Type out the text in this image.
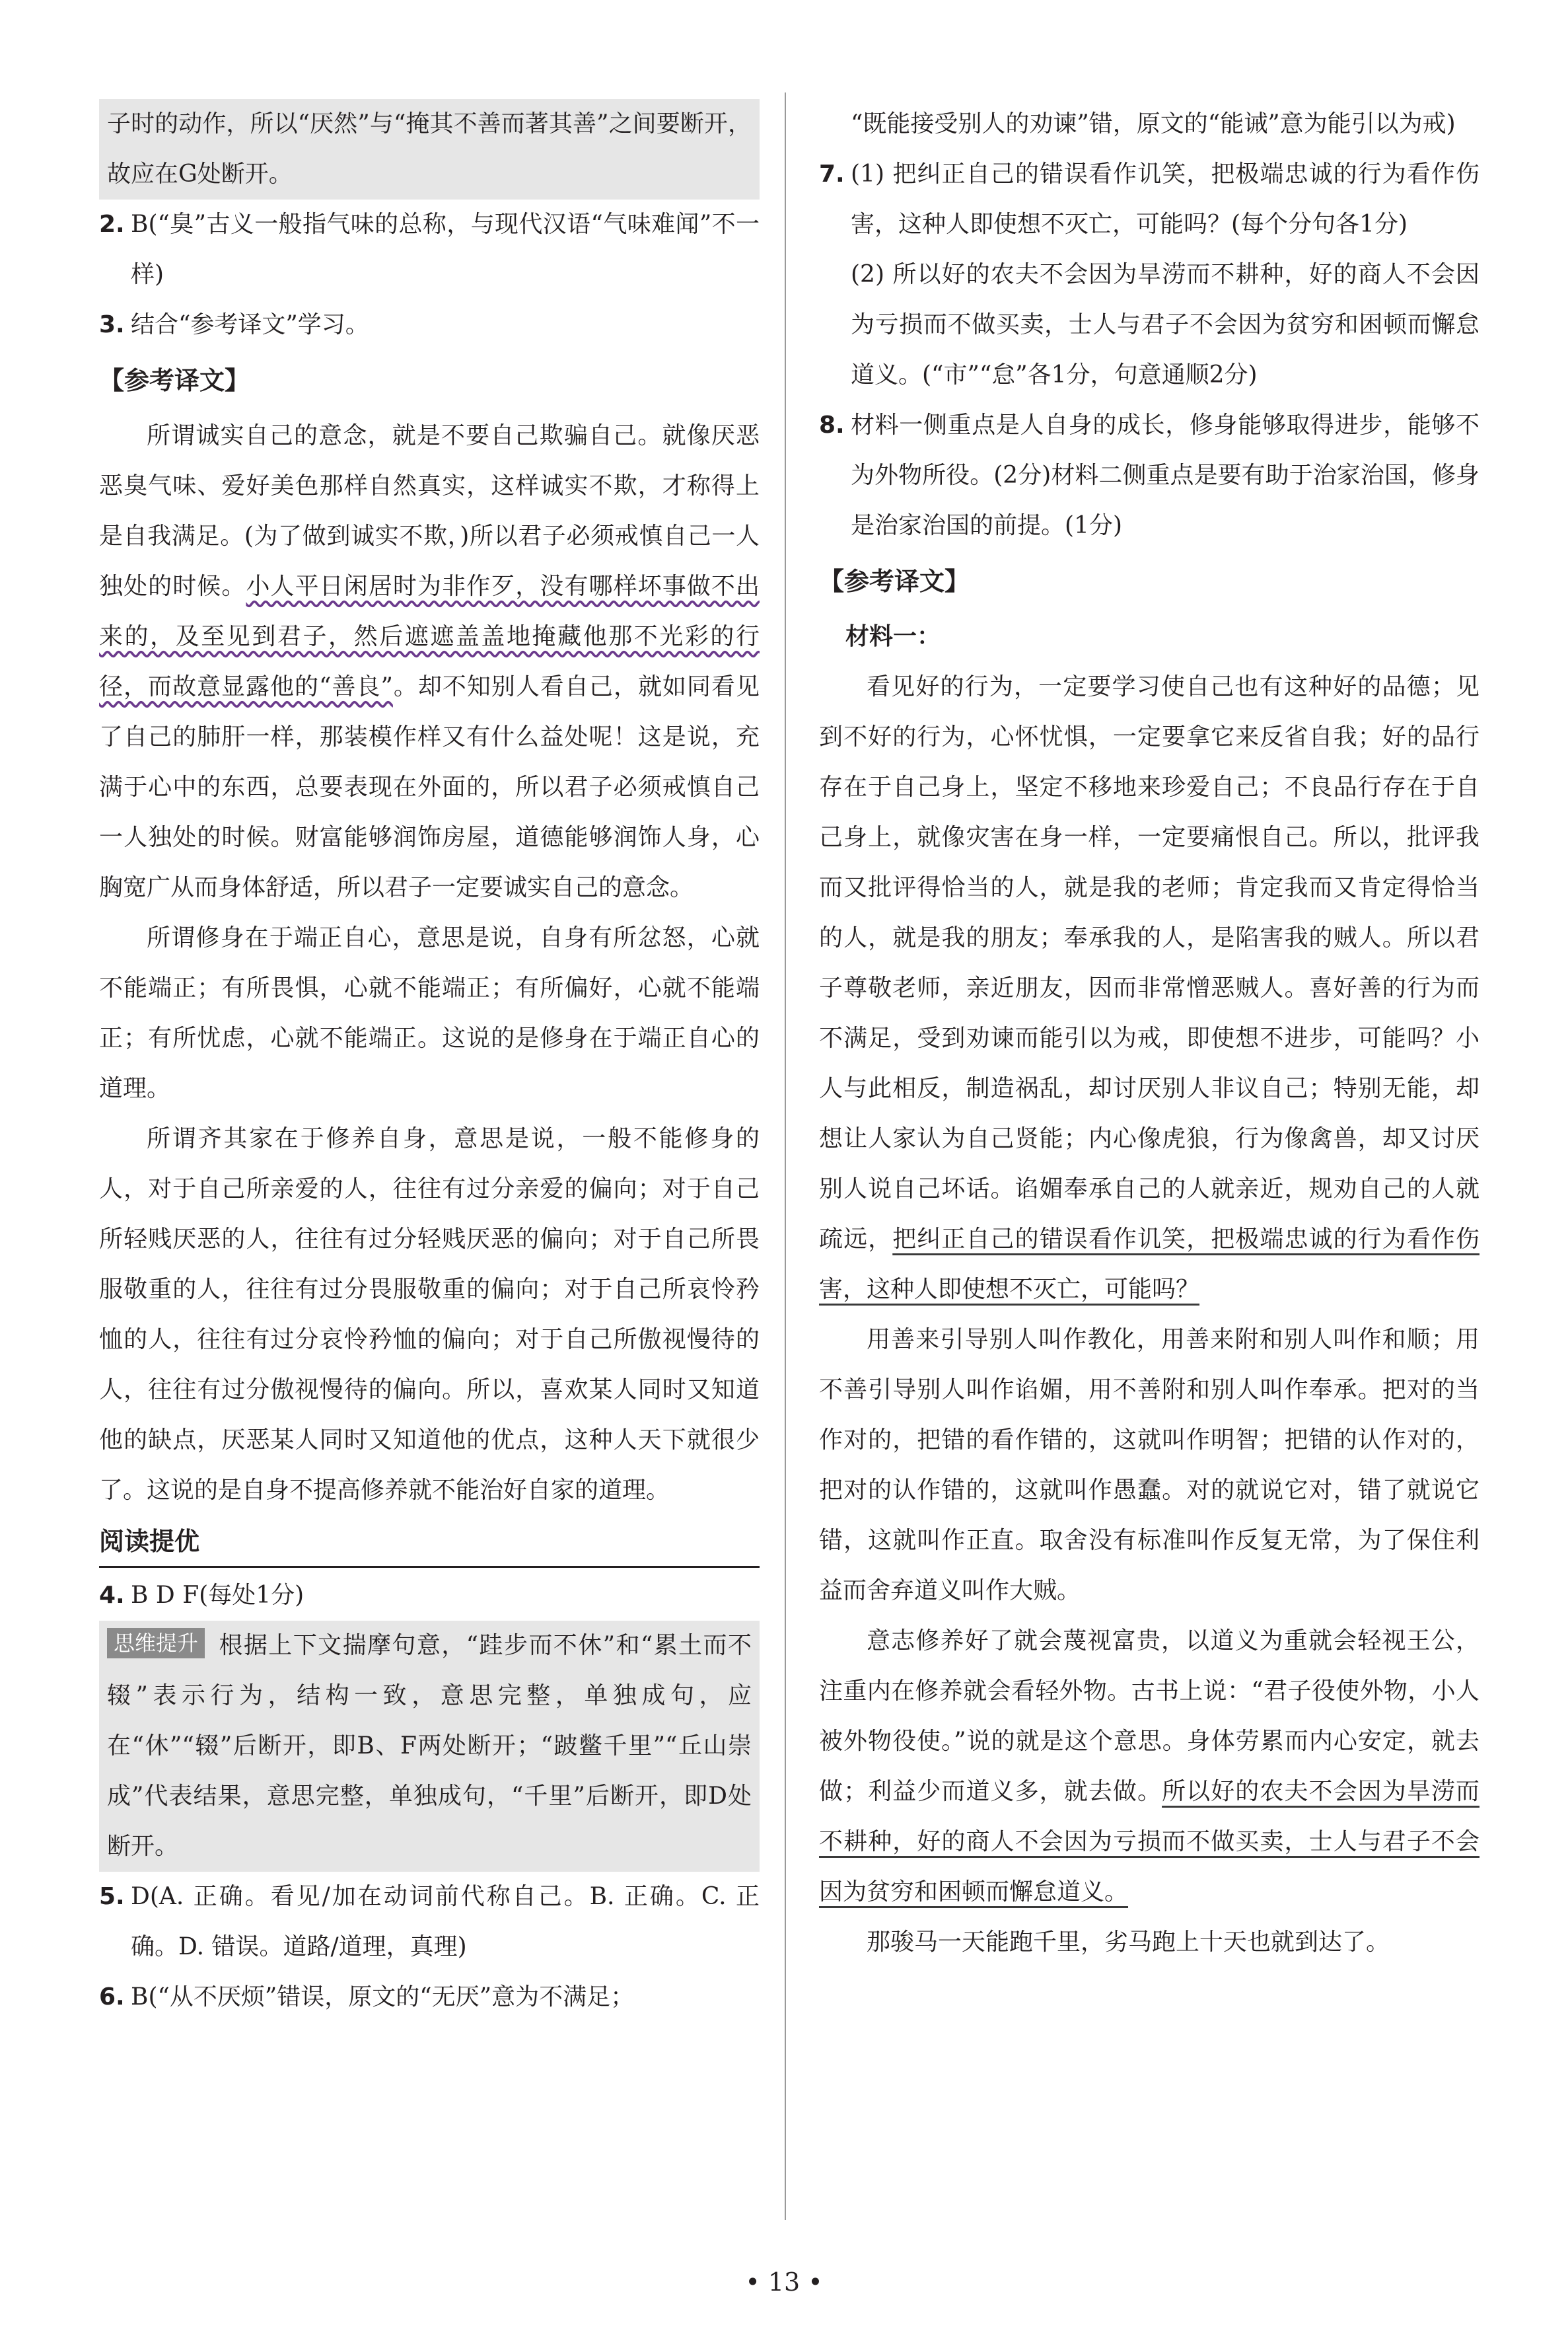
子时的动作，所以“厌然”与“掩其不善而著其善”之间要断开，故应在G处断开。

2. B(“臭”古义一般指气味的总称，与现代汉语“气味难闻”不一样)

3. 结合“参考译文”学习。

【参考译文】

所谓诚实自己的意念，就是不要自己欺骗自己。就像厌恶恶臭气味、爱好美色那样自然真实，这样诚实不欺，才称得上是自我满足。(为了做到诚实不欺，)所以君子必须戒慎自己一人独处的时候。小人平日闲居时为非作歹，没有哪样坏事做不出来的，及至见到君子，然后遮遮盖盖地掩藏他那不光彩的行径，而故意显露他的“善良”。却不知别人看自己，就如同看见了自己的肺肝一样，那装模作样又有什么益处呢！这是说，充满于心中的东西，总要表现在外面的，所以君子必须戒慎自己一人独处的时候。财富能够润饰房屋，道德能够润饰人身，心胸宽广从而身体舒适，所以君子一定要诚实自己的意念。

所谓修身在于端正自心，意思是说，自身有所忿怒，心就不能端正；有所畏惧，心就不能端正；有所偏好，心就不能端正；有所忧虑，心就不能端正。这说的是修身在于端正自心的道理。

所谓齐其家在于修养自身，意思是说，一般不能修身的人，对于自己所亲爱的人，往往有过分亲爱的偏向；对于自己所轻贱厌恶的人，往往有过分轻贱厌恶的偏向；对于自己所畏服敬重的人，往往有过分畏服敬重的偏向；对于自己所哀怜矜恤的人，往往有过分哀怜矜恤的偏向；对于自己所傲视慢待的人，往往有过分傲视慢待的偏向。所以，喜欢某人同时又知道他的缺点，厌恶某人同时又知道他的优点，这种人天下就很少了。这说的是自身不提高修养就不能治好自家的道理。

阅读提优

4. B D F(每处1分)

思维提升 根据上下文揣摩句意，“跬步而不休”和“累土而不辍”表示行为，结构一致，意思完整，单独成句，应在“休”“辍”后断开，即B、F两处断开；“跛鳖千里”“丘山崇成”代表结果，意思完整，单独成句，“千里”后断开，即D处断开。

5. D(A. 正确。看见/加在动词前代称自己。B. 正确。C. 正确。D. 错误。道路/道理，真理)

6. B(“从不厌烦”错误，原文的“无厌”意为不满足；

“既能接受别人的劝谏”错，原文的“能诫”意为能引以为戒)

7. (1) 把纠正自己的错误看作讥笑，把极端忠诚的行为看作伤害，这种人即使想不灭亡，可能吗？(每个分句各1分)

(2) 所以好的农夫不会因为旱涝而不耕种，好的商人不会因为亏损而不做买卖，士人与君子不会因为贫穷和困顿而懈怠道义。(“市”“怠”各1分，句意通顺2分)

8. 材料一侧重点是人自身的成长，修身能够取得进步，能够不为外物所役。(2分)材料二侧重点是要有助于治家治国，修身是治家治国的前提。(1分)

【参考译文】

材料一：

看见好的行为，一定要学习使自己也有这种好的品德；见到不好的行为，心怀忧惧，一定要拿它来反省自我；好的品行存在于自己身上，坚定不移地来珍爱自己；不良品行存在于自己身上，就像灾害在身一样，一定要痛恨自己。所以，批评我而又批评得恰当的人，就是我的老师；肯定我而又肯定得恰当的人，就是我的朋友；奉承我的人，是陷害我的贼人。所以君子尊敬老师，亲近朋友，因而非常憎恶贼人。喜好善的行为而不满足，受到劝谏而能引以为戒，即使想不进步，可能吗？小人与此相反，制造祸乱，却讨厌别人非议自己；特别无能，却想让人家认为自己贤能；内心像虎狼，行为像禽兽，却又讨厌别人说自己坏话。谄媚奉承自己的人就亲近，规劝自己的人就疏远，把纠正自己的错误看作讥笑，把极端忠诚的行为看作伤害，这种人即使想不灭亡，可能吗？

用善来引导别人叫作教化，用善来附和别人叫作和顺；用不善引导别人叫作谄媚，用不善附和别人叫作奉承。把对的当作对的，把错的看作错的，这就叫作明智；把错的认作对的，把对的认作错的，这就叫作愚蠢。对的就说它对，错了就说它错，这就叫作正直。取舍没有标准叫作反复无常，为了保住利益而舍弃道义叫作大贼。

意志修养好了就会蔑视富贵，以道义为重就会轻视王公，注重内在修养就会看轻外物。古书上说：“君子役使外物，小人被外物役使。”说的就是这个意思。身体劳累而内心安定，就去做；利益少而道义多，就去做。所以好的农夫不会因为旱涝而不耕种，好的商人不会因为亏损而不做买卖，士人与君子不会因为贫穷和困顿而懈怠道义。

那骏马一天能跑千里，劣马跑上十天也就到达了。

• 13 •
